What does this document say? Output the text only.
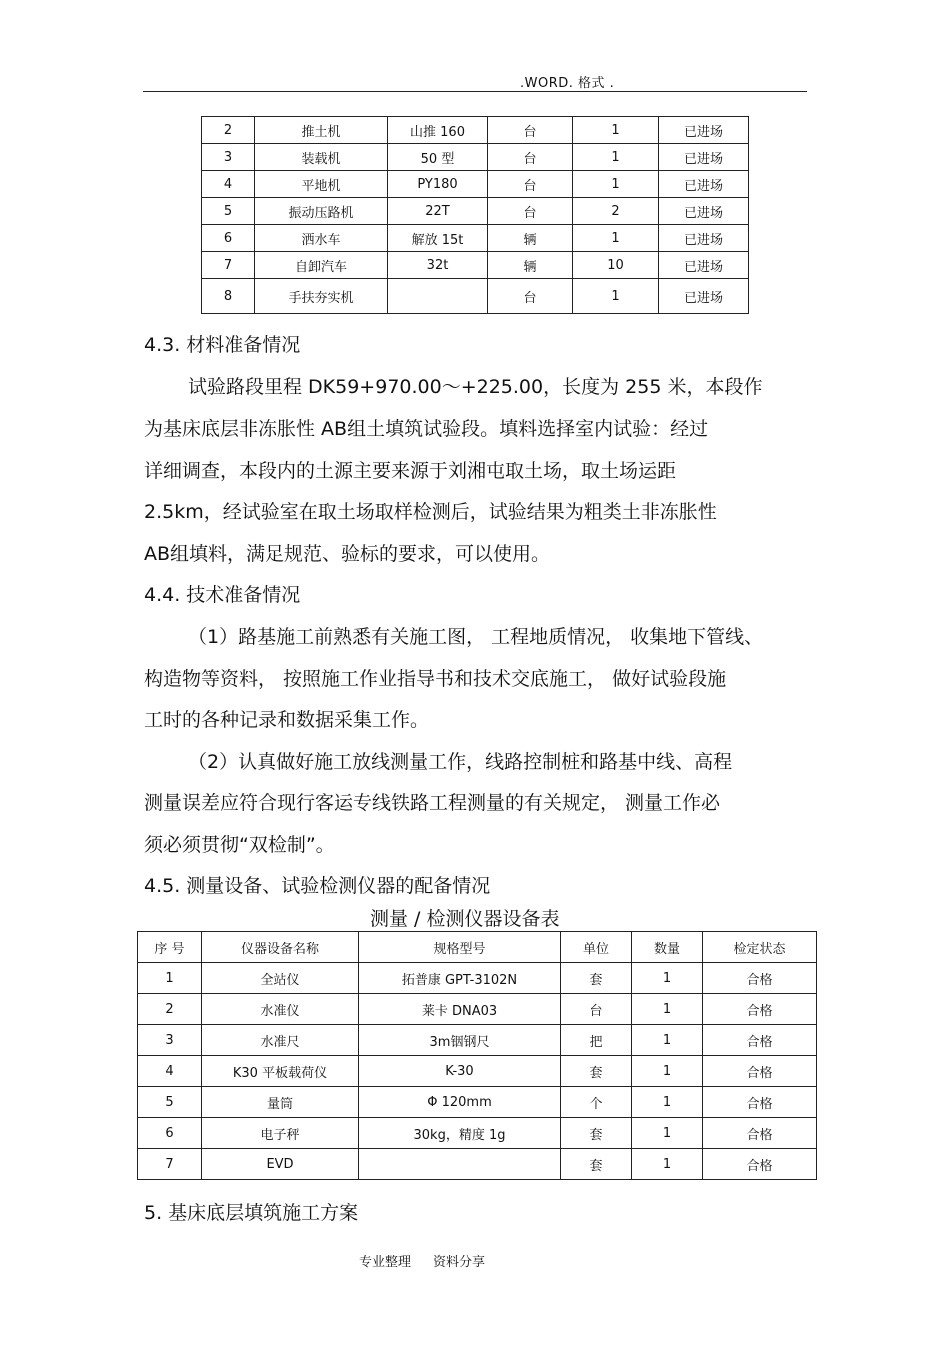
.WORD. 格式 .
2	推土机	山推 160	台	1	已进场
3	装载机	50 型	台	1	已进场
4	平地机	PY180	台	1	已进场
5	振动压路机	22T	台	2	已进场
6	洒水车	解放 15t	辆	1	已进场
7	自卸汽车	32t	辆	10	已进场
8	手扶夯实机		台	1	已进场
4.3. 材料准备情况
试验路段里程 DK59+970.00～+225.00，长度为 255 米，本段作
为基床底层非冻胀性 AB组土填筑试验段。填料选择室内试验：经过
详细调查，本段内的土源主要来源于刘湘屯取土场，取土场运距
2.5km，经试验室在取土场取样检测后，试验结果为粗类土非冻胀性
AB组填料，满足规范、验标的要求，可以使用。
4.4. 技术准备情况
（1）路基施工前熟悉有关施工图， 工程地质情况， 收集地下管线、
构造物等资料， 按照施工作业指导书和技术交底施工， 做好试验段施
工时的各种记录和数据采集工作。
（2）认真做好施工放线测量工作，线路控制桩和路基中线、高程
测量误差应符合现行客运专线铁路工程测量的有关规定， 测量工作必
须必须贯彻“双检制”。
4.5. 测量设备、试验检测仪器的配备情况
测量 / 检测仪器设备表
序 号	仪器设备名称	规格型号	单位	数量	检定状态
1	全站仪	拓普康 GPT-3102N	套	1	合格
2	水准仪	莱卡 DNA03	台	1	合格
3	水准尺	3m铟钢尺	把	1	合格
4	K30 平板载荷仪	K-30	套	1	合格
5	量筒	Φ 120mm	个	1	合格
6	电子秤	30kg，精度 1g	套	1	合格
7	EVD		套	1	合格
5. 基床底层填筑施工方案
专业整理 资料分享
